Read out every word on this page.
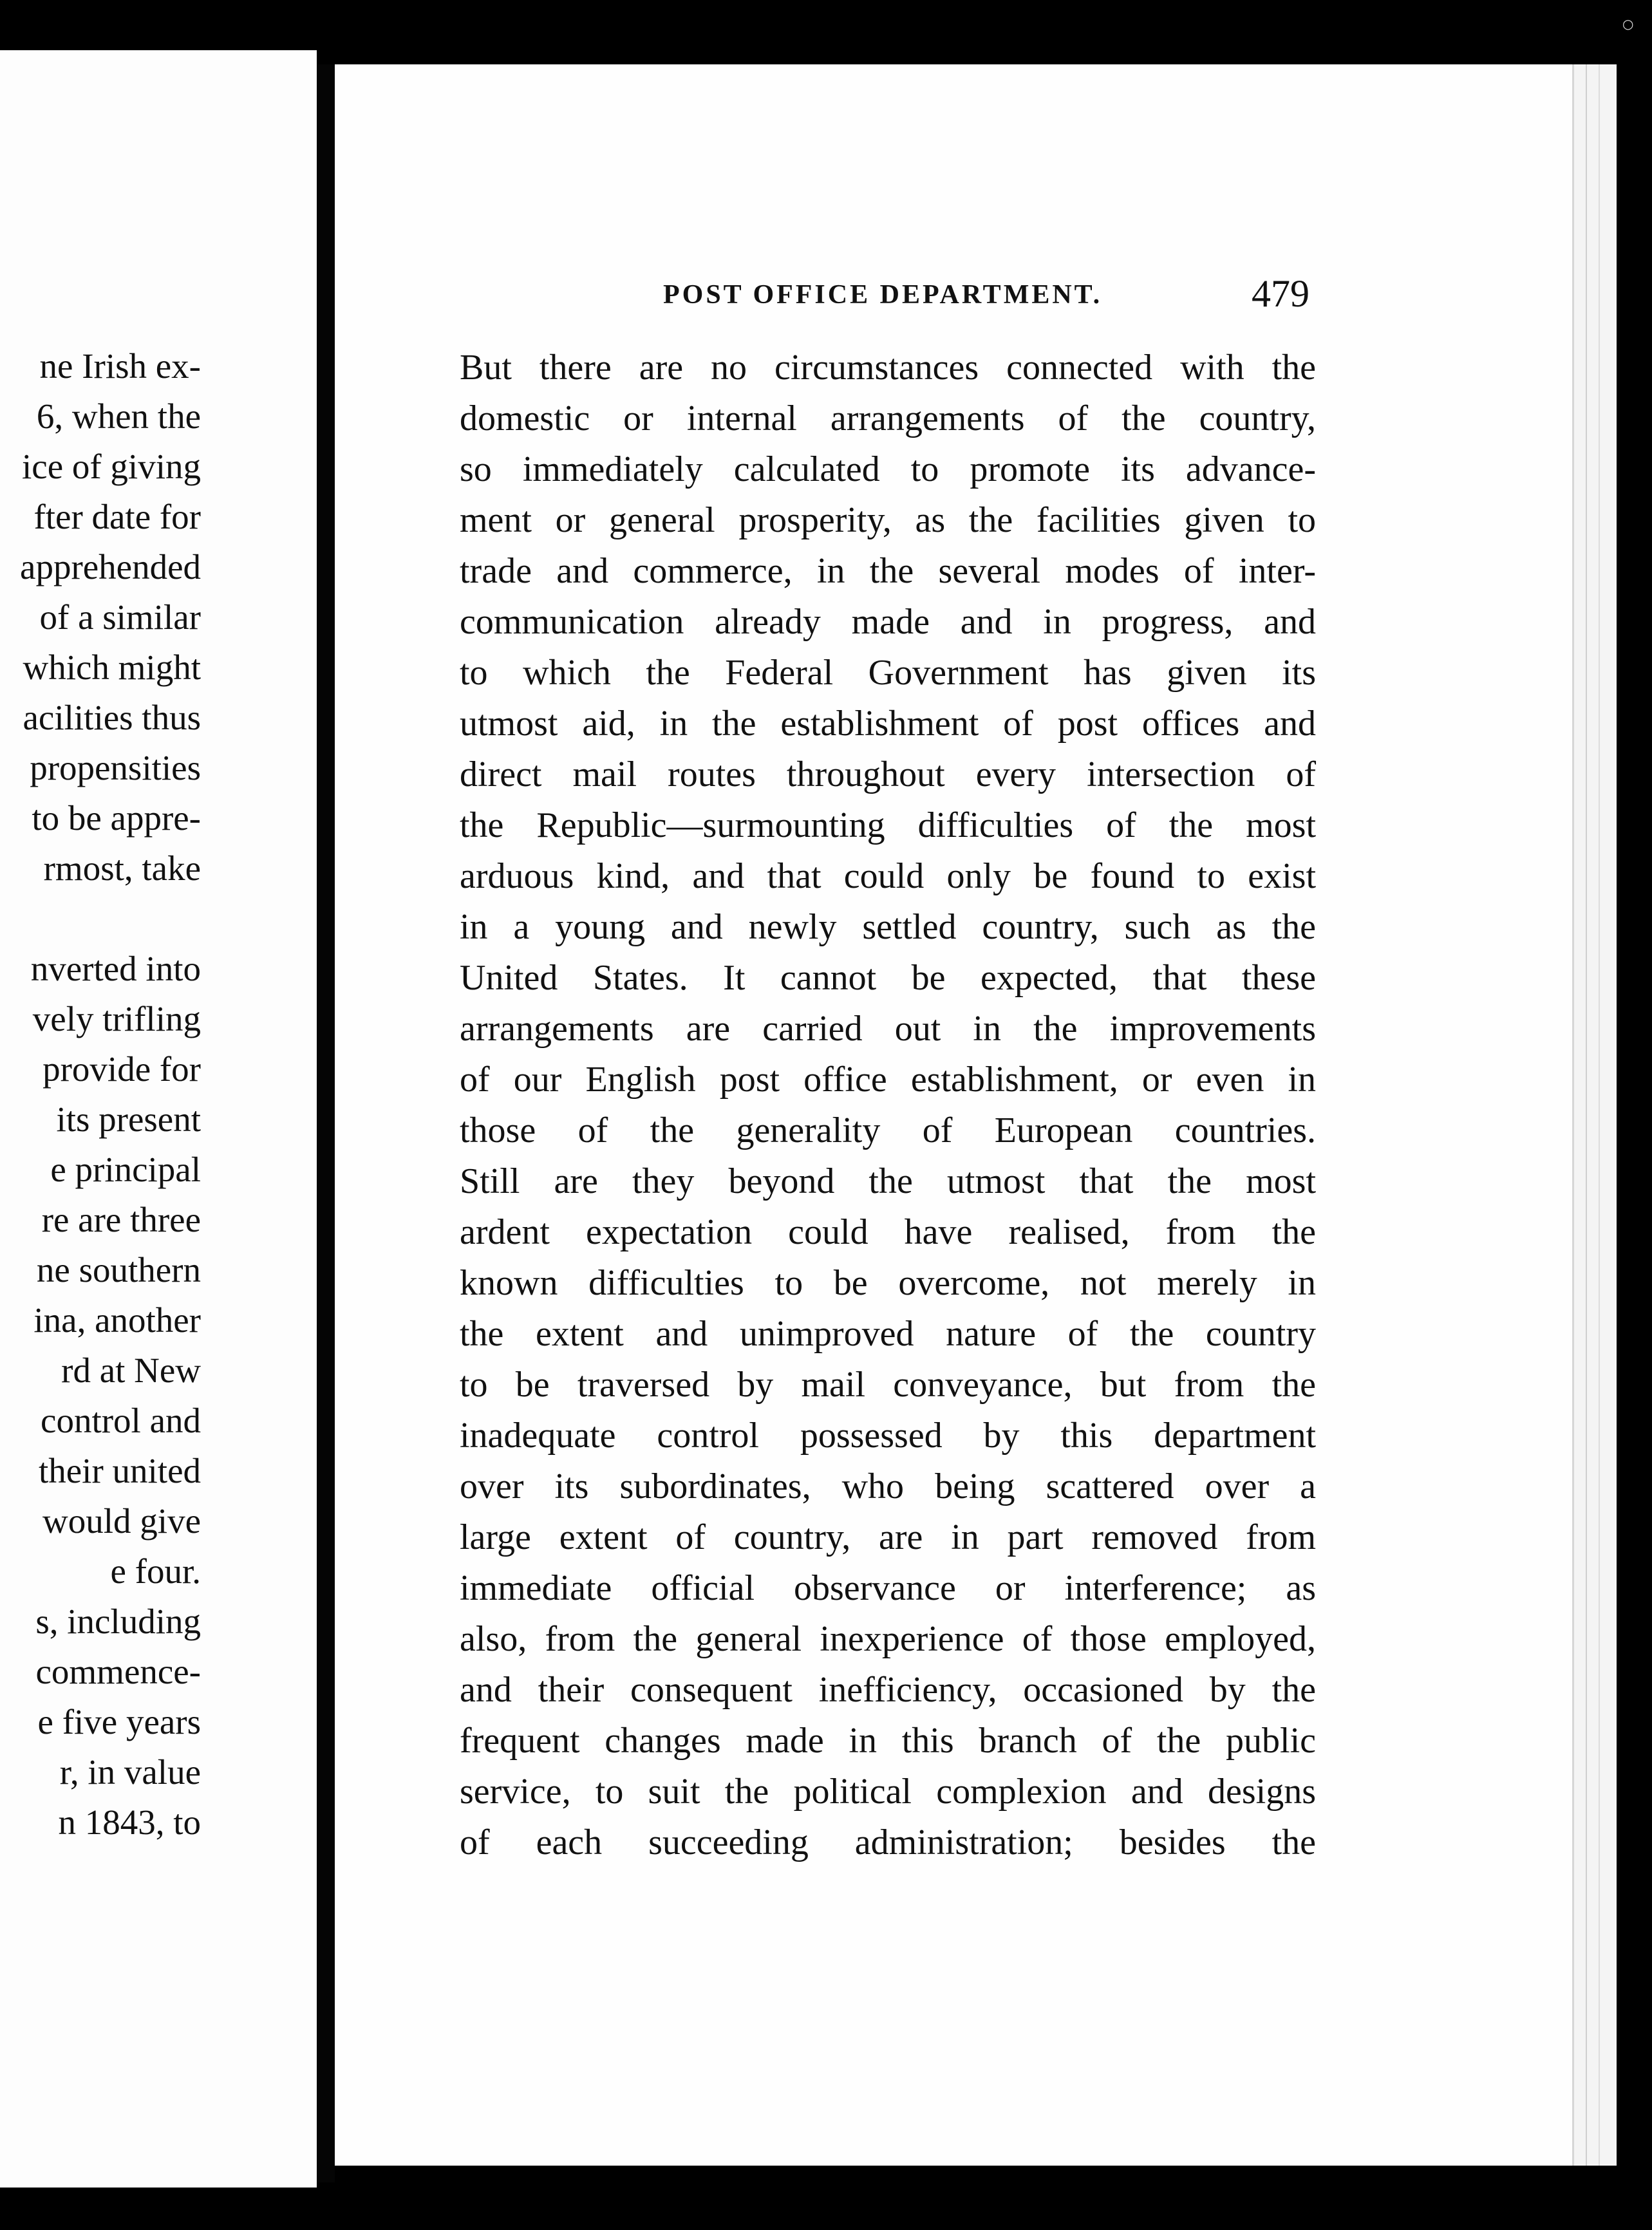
ne Irish ex-
6, when the
ice of giving
fter date for
apprehended
of a similar
which might
acilities thus
propensities
to be appre-
rmost, take
nverted into
vely trifling
provide for
its present
e principal
re are three
ne southern
ina, another
rd at New
control and
their united
would give
e four.
s, including
commence-
e five years
r, in value
n 1843, to
○
POST OFFICE DEPARTMENT.	479
But there are no circumstances connected with the
domestic or internal arrangements of the country,
so immediately calculated to promote its advance-
ment or general prosperity, as the facilities given to
trade and commerce, in the several modes of inter-
communication already made and in progress, and
to which the Federal Government has given its
utmost aid, in the establishment of post offices and
direct mail routes throughout every intersection of
the Republic—surmounting difficulties of the most
arduous kind, and that could only be found to exist
in a young and newly settled country, such as the
United States. It cannot be expected, that these
arrangements are carried out in the improvements
of our English post office establishment, or even in
those of the generality of European countries.
Still are they beyond the utmost that the most
ardent expectation could have realised, from the
known difficulties to be overcome, not merely in
the extent and unimproved nature of the country
to be traversed by mail conveyance, but from the
inadequate control possessed by this department
over its subordinates, who being scattered over a
large extent of country, are in part removed from
immediate official observance or interference; as
also, from the general inexperience of those employed,
and their consequent inefficiency, occasioned by the
frequent changes made in this branch of the public
service, to suit the political complexion and designs
of each succeeding administration; besides the
